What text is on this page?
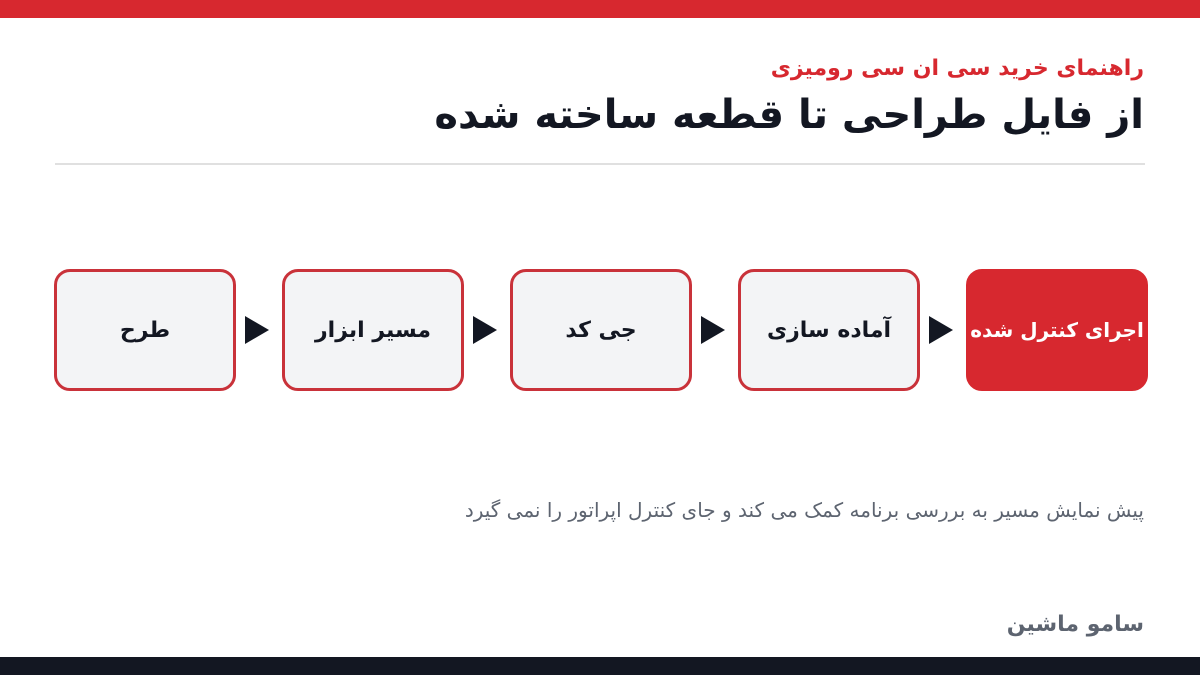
راهنمای خرید سی ان سی رومیزی
از فایل طراحی تا قطعه ساخته شده
طرح	مسیر ابزار	جی کد	آماده سازی	اجرای کنترل شده
پیش نمایش مسیر به بررسی برنامه کمک می کند و جای کنترل اپراتور را نمی گیرد
سامو ماشین
